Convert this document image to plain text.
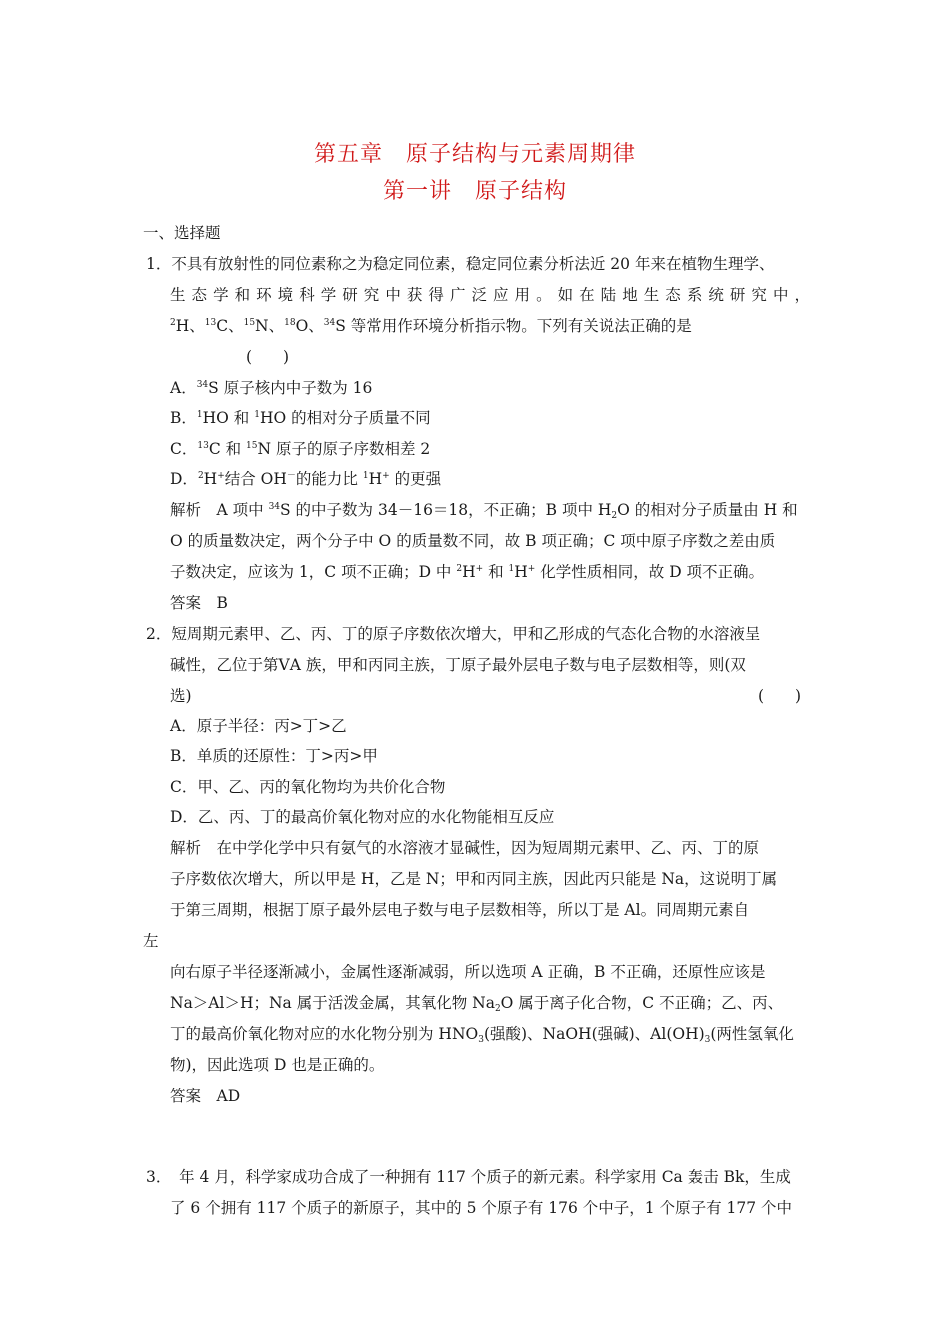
第五章　原子结构与元素周期律
第一讲　原子结构
一、选择题
1．不具有放射性的同位素称之为稳定同位素，稳定同位素分析法近 20 年来在植物生理学、
生态学和环境科学研究中获得广泛应用。如在陆地生态系统研究中，
$^2$H、$^{13}$C、$^{15}$N、$^{18}$O、$^{34}$S 等常用作环境分析指示物。下列有关说法正确的是
(　　)
A．$^{34}$S 原子核内中子数为 16
B．$^1$HO 和 $^1$HO 的相对分子质量不同
C．$^{13}$C 和 $^{15}$N 原子的原子序数相差 2
D．$^2$H+结合 OH－的能力比 $^1$H+ 的更强
解析　A 项中 $^{34}$S 的中子数为 34－16＝18，不正确；B 项中 $H_2O$ 的相对分子质量由 H 和
O 的质量数决定，两个分子中 O 的质量数不同，故 B 项正确；C 项中原子序数之差由质
子数决定，应该为 1，C 项不正确；D 中 $^2$H+ 和 $^1$H+ 化学性质相同，故 D 项不正确。
答案　B
2．短周期元素甲、乙、丙、丁的原子序数依次增大，甲和乙形成的气态化合物的水溶液呈
碱性，乙位于第ⅤA 族，甲和丙同主族，丁原子最外层电子数与电子层数相等，则(双
选)	(　　)
A．原子半径：丙>丁>乙
B．单质的还原性：丁>丙>甲
C．甲、乙、丙的氧化物均为共价化合物
D．乙、丙、丁的最高价氧化物对应的水化物能相互反应
解析　在中学化学中只有氨气的水溶液才显碱性，因为短周期元素甲、乙、丙、丁的原
子序数依次增大，所以甲是 H，乙是 N；甲和丙同主族，因此丙只能是 Na，这说明丁属
于第三周期，根据丁原子最外层电子数与电子层数相等，所以丁是 Al。同周期元素自
左
向右原子半径逐渐减小，金属性逐渐减弱，所以选项 A 正确，B 不正确，还原性应该是
Na＞Al＞H；Na 属于活泼金属，其氧化物 $Na_2O$ 属于离子化合物，C 不正确；乙、丙、
丁的最高价氧化物对应的水化物分别为 $HNO_3$(强酸)、NaOH(强碱)、$Al(OH)_3$(两性氢氧化
物)，因此选项 D 也是正确的。
答案　AD
3．　年 4 月，科学家成功合成了一种拥有 117 个质子的新元素。科学家用 Ca 轰击 Bk，生成
了 6 个拥有 117 个质子的新原子，其中的 5 个原子有 176 个中子，1 个原子有 177 个中
